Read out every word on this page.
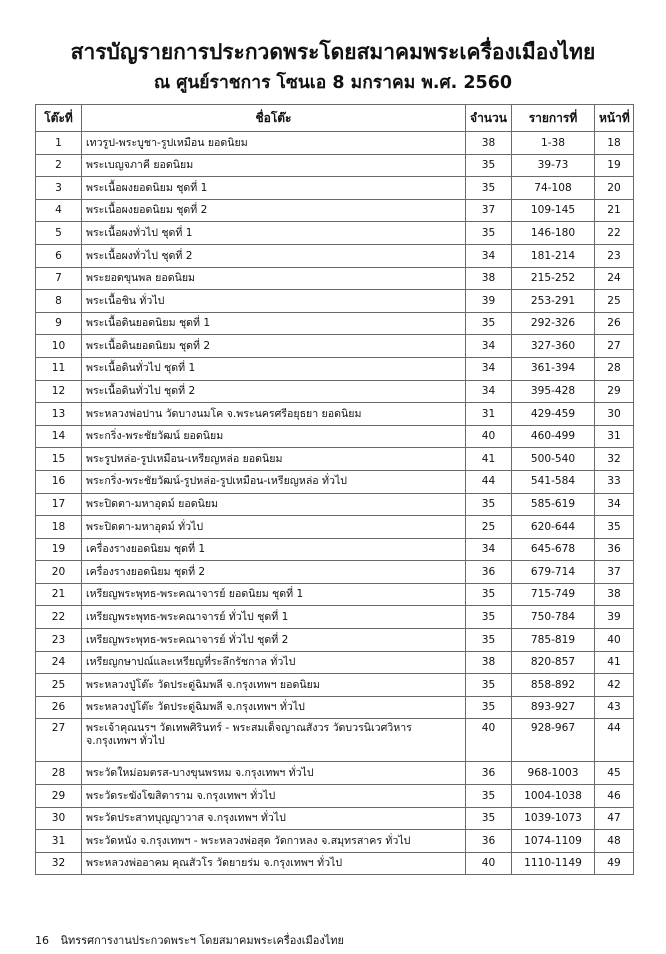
สารบัญรายการประกวดพระโดยสมาคมพระเครื่องเมืองไทย
ณ ศูนย์ราชการ โซนเอ 8 มกราคม พ.ศ. 2560
โต๊ะที่	ชื่อโต๊ะ	จำนวน	รายการที่	หน้าที่
1	เทวรูป-พระบูชา-รูปเหมือน ยอดนิยม	38	1-38	18
2	พระเบญจภาคี ยอดนิยม	35	39-73	19
3	พระเนื้อผงยอดนิยม ชุดที่ 1	35	74-108	20
4	พระเนื้อผงยอดนิยม ชุดที่ 2	37	109-145	21
5	พระเนื้อผงทั่วไป ชุดที่ 1	35	146-180	22
6	พระเนื้อผงทั่วไป ชุดที่ 2	34	181-214	23
7	พระยอดขุนพล ยอดนิยม	38	215-252	24
8	พระเนื้อชิน ทั่วไป	39	253-291	25
9	พระเนื้อดินยอดนิยม ชุดที่ 1	35	292-326	26
10	พระเนื้อดินยอดนิยม ชุดที่ 2	34	327-360	27
11	พระเนื้อดินทั่วไป ชุดที่ 1	34	361-394	28
12	พระเนื้อดินทั่วไป ชุดที่ 2	34	395-428	29
13	พระหลวงพ่อปาน วัดบางนมโค จ.พระนครศรีอยุธยา ยอดนิยม	31	429-459	30
14	พระกริ่ง-พระชัยวัฒน์ ยอดนิยม	40	460-499	31
15	พระรูปหล่อ-รูปเหมือน-เหรียญหล่อ ยอดนิยม	41	500-540	32
16	พระกริ่ง-พระชัยวัฒน์-รูปหล่อ-รูปเหมือน-เหรียญหล่อ ทั่วไป	44	541-584	33
17	พระปิดตา-มหาอุดม์ ยอดนิยม	35	585-619	34
18	พระปิดตา-มหาอุดม์ ทั่วไป	25	620-644	35
19	เครื่องรางยอดนิยม ชุดที่ 1	34	645-678	36
20	เครื่องรางยอดนิยม ชุดที่ 2	36	679-714	37
21	เหรียญพระพุทธ-พระคณาจารย์ ยอดนิยม ชุดที่ 1	35	715-749	38
22	เหรียญพระพุทธ-พระคณาจารย์ ทั่วไป ชุดที่ 1	35	750-784	39
23	เหรียญพระพุทธ-พระคณาจารย์ ทั่วไป ชุดที่ 2	35	785-819	40
24	เหรียญกษาปณ์และเหรียญที่ระลึกรัชกาล ทั่วไป	38	820-857	41
25	พระหลวงปู่โต๊ะ วัดประดู่ฉิมพลี จ.กรุงเทพฯ ยอดนิยม	35	858-892	42
26	พระหลวงปู่โต๊ะ วัดประดู่ฉิมพลี จ.กรุงเทพฯ ทั่วไป	35	893-927	43
27	พระเจ้าคุณนรฯ วัดเทพศิรินทร์ - พระสมเด็จญาณสังวร วัดบวรนิเวศวิหาร จ.กรุงเทพฯ ทั่วไป	40	928-967	44
28	พระวัดใหม่อมตรส-บางขุนพรหม จ.กรุงเทพฯ ทั่วไป	36	968-1003	45
29	พระวัดระฆังโฆสิตาราม จ.กรุงเทพฯ ทั่วไป	35	1004-1038	46
30	พระวัดประสาทบุญญาวาส จ.กรุงเทพฯ ทั่วไป	35	1039-1073	47
31	พระวัดหนัง จ.กรุงเทพฯ - พระหลวงพ่อสุด วัดกาหลง จ.สมุทรสาคร ทั่วไป	36	1074-1109	48
32	พระหลวงพ่ออาคม คุณสัวโร วัดยายร่ม จ.กรุงเทพฯ ทั่วไป	40	1110-1149	49
16 นิทรรศการงานประกวดพระฯ โดยสมาคมพระเครื่องเมืองไทย
